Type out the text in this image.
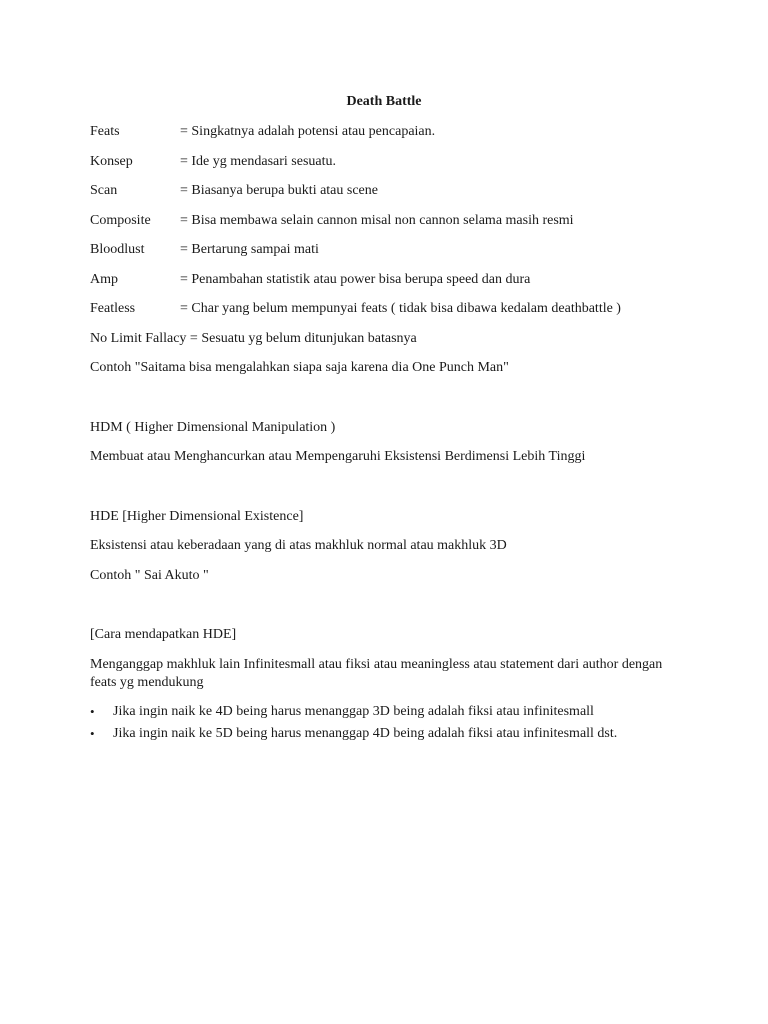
Death Battle
Feats	= Singkatnya adalah potensi atau pencapaian.
Konsep	= Ide yg mendasari sesuatu.
Scan	= Biasanya berupa bukti atau scene
Composite = Bisa membawa selain cannon misal non cannon selama masih resmi
Bloodlust	= Bertarung sampai mati
Amp	= Penambahan statistik atau power bisa berupa speed dan dura
Featless	= Char yang belum mempunyai feats ( tidak bisa dibawa kedalam deathbattle )
No Limit Fallacy = Sesuatu yg belum ditunjukan batasnya
Contoh "Saitama bisa mengalahkan siapa saja karena dia One Punch Man"
HDM ( Higher Dimensional Manipulation )
Membuat atau Menghancurkan atau Mempengaruhi Eksistensi Berdimensi Lebih Tinggi
HDE [Higher Dimensional Existence]
Eksistensi atau keberadaan yang di atas makhluk normal atau makhluk 3D
Contoh " Sai Akuto "
[Cara mendapatkan HDE]
Menganggap makhluk lain Infinitesmall atau fiksi atau meaningless atau statement dari author dengan feats yg mendukung
• Jika ingin naik ke 4D being harus menanggap 3D being adalah fiksi atau infinitesmall
• Jika ingin naik ke 5D being harus menanggap 4D being adalah fiksi atau infinitesmall dst.
